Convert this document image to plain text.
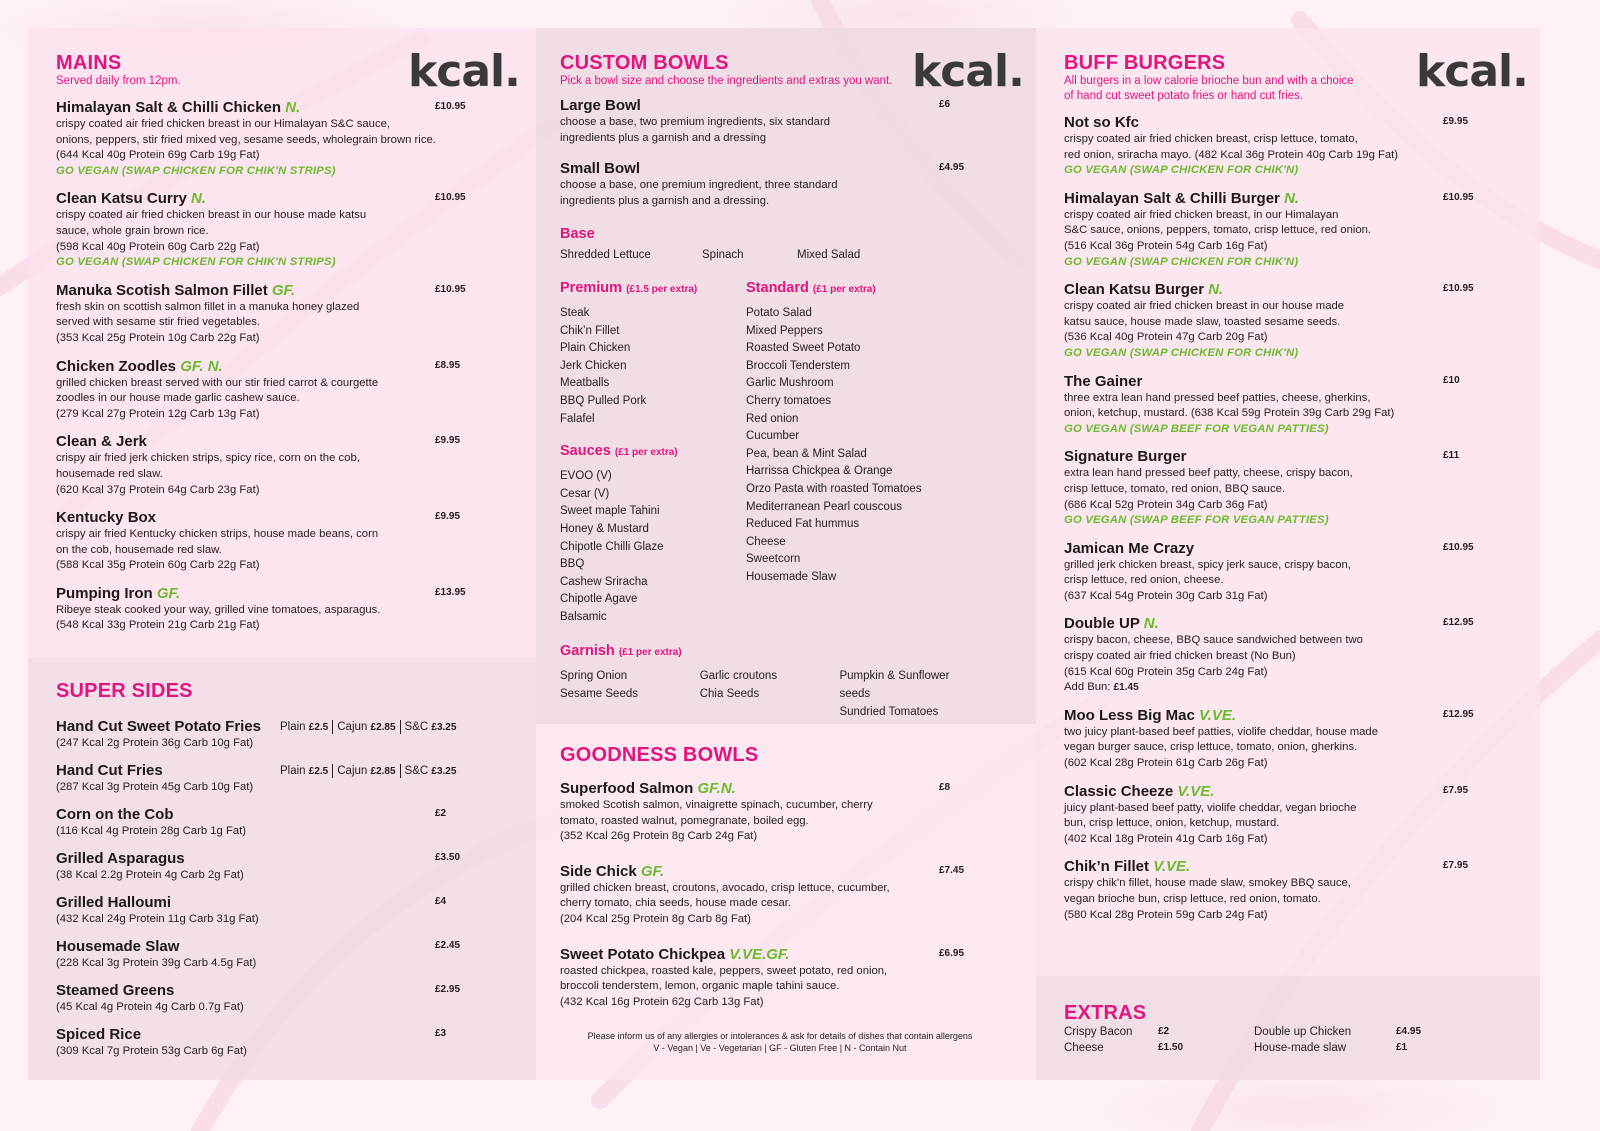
kcal.	kcal.	kcal.
MAINS
Served daily from 12pm.
Himalayan Salt & Chilli Chicken N.	£10.95
crispy coated air fried chicken breast in our Himalayan S&C sauce,
onions, peppers, stir fried mixed veg, sesame seeds, wholegrain brown rice.
(644 Kcal 40g Protein 69g Carb 19g Fat)
GO VEGAN (SWAP CHICKEN FOR CHIK'N STRIPS)
Clean Katsu Curry N.	£10.95
crispy coated air fried chicken breast in our house made katsu
sauce, whole grain brown rice.
(598 Kcal 40g Protein 60g Carb 22g Fat)
GO VEGAN (SWAP CHICKEN FOR CHIK'N STRIPS)
Manuka Scotish Salmon Fillet GF.	£10.95
fresh skin on scottish salmon fillet in a manuka honey glazed
served with sesame stir fried vegetables.
(353 Kcal 25g Protein 10g Carb 22g Fat)
Chicken Zoodles GF. N.	£8.95
grilled chicken breast served with our stir fried carrot & courgette
zoodles in our house made garlic cashew sauce.
(279 Kcal 27g Protein 12g Carb 13g Fat)
Clean & Jerk	£9.95
crispy air fried jerk chicken strips, spicy rice, corn on the cob,
housemade red slaw.
(620 Kcal 37g Protein 64g Carb 23g Fat)
Kentucky Box	£9.95
crispy air fried Kentucky chicken strips, house made beans, corn
on the cob, housemade red slaw.
(588 Kcal 35g Protein 60g Carb 22g Fat)
Pumping Iron GF.	£13.95
Ribeye steak cooked your way, grilled vine tomatoes, asparagus.
(548 Kcal 33g Protein 21g Carb 21g Fat)
SUPER SIDES
Hand Cut Sweet Potato Fries
(247 Kcal 2g Protein 36g Carb 10g Fat)
Plain £2.5 Cajun £2.85 S&C £3.25
Hand Cut Fries
(287 Kcal 3g Protein 45g Carb 10g Fat)
Plain £2.5 Cajun £2.85 S&C £3.25
Corn on the Cob
(116 Kcal 4g Protein 28g Carb 1g Fat)
£2
Grilled Asparagus
(38 Kcal 2.2g Protein 4g Carb 2g Fat)
£3.50
Grilled Halloumi
(432 Kcal 24g Protein 11g Carb 31g Fat)
£4
Housemade Slaw
(228 Kcal 3g Protein 39g Carb 4.5g Fat)
£2.45
Steamed Greens
(45 Kcal 4g Protein 4g Carb 0.7g Fat)
£2.95
Spiced Rice
(309 Kcal 7g Protein 53g Carb 6g Fat)
£3
CUSTOM BOWLS
Pick a bowl size and choose the ingredients and extras you want.
Large Bowl	£6
choose a base, two premium ingredients, six standard
ingredients plus a garnish and a dressing
Small Bowl	£4.95
choose a base, one premium ingredient, three standard
ingredients plus a garnish and a dressing.
Base
Shredded Lettuce	Spinach	Mixed Salad
Premium (£1.5 per extra)
Steak
Chik’n Fillet
Plain Chicken
Jerk Chicken
Meatballs
BBQ Pulled Pork
Falafel
Sauces (£1 per extra)
EVOO (V)
Cesar (V)
Sweet maple Tahini
Honey & Mustard
Chipotle Chilli Glaze
BBQ
Cashew Sriracha
Chipotle Agave
Balsamic
Standard (£1 per extra)
Potato Salad
Mixed Peppers
Roasted Sweet Potato
Broccoli Tenderstem
Garlic Mushroom
Cherry tomatoes
Red onion
Cucumber
Pea, bean & Mint Salad
Harrissa Chickpea & Orange
Orzo Pasta with roasted Tomatoes
Mediterranean Pearl couscous
Reduced Fat hummus
Cheese
Sweetcorn
Housemade Slaw
Garnish (£1 per extra)
Spring Onion
Sesame Seeds
Garlic croutons
Chia Seeds
Pumpkin & Sunflower seeds
Sundried Tomatoes
GOODNESS BOWLS
Superfood Salmon GF.N.	£8
smoked Scotish salmon, vinaigrette spinach, cucumber, cherry
tomato, roasted walnut, pomegranate, boiled egg.
(352 Kcal 26g Protein 8g Carb 24g Fat)
Side Chick GF.	£7.45
grilled chicken breast, croutons, avocado, crisp lettuce, cucumber,
cherry tomato, chia seeds, house made cesar.
(204 Kcal 25g Protein 8g Carb 8g Fat)
Sweet Potato Chickpea V.VE.GF.	£6.95
roasted chickpea, roasted kale, peppers, sweet potato, red onion,
broccoli tenderstem, lemon, organic maple tahini sauce.
(432 Kcal 16g Protein 62g Carb 13g Fat)
Please inform us of any allergies or intolerances & ask for details of dishes that contain allergens
V - Vegan | Ve - Vegetarian | GF - Gluten Free | N - Contain Nut
BUFF BURGERS
All burgers in a low calorie brioche bun and with a choice
of hand cut sweet potato fries or hand cut fries.
Not so Kfc	£9.95
crispy coated air fried chicken breast, crisp lettuce, tomato,
red onion, sriracha mayo. (482 Kcal 36g Protein 40g Carb 19g Fat)
GO VEGAN (SWAP CHICKEN FOR CHIK'N)
Himalayan Salt & Chilli Burger N.	£10.95
crispy coated air fried chicken breast, in our Himalayan
S&C sauce, onions, peppers, tomato, crisp lettuce, red onion.
(516 Kcal 36g Protein 54g Carb 16g Fat)
GO VEGAN (SWAP CHICKEN FOR CHIK'N)
Clean Katsu Burger N.	£10.95
crispy coated air fried chicken breast in our house made
katsu sauce, house made slaw, toasted sesame seeds.
(536 Kcal 40g Protein 47g Carb 20g Fat)
GO VEGAN (SWAP CHICKEN FOR CHIK'N)
The Gainer	£10
three extra lean hand pressed beef patties, cheese, gherkins,
onion, ketchup, mustard. (638 Kcal 59g Protein 39g Carb 29g Fat)
GO VEGAN (SWAP BEEF FOR VEGAN PATTIES)
Signature Burger	£11
extra lean hand pressed beef patty, cheese, crispy bacon,
crisp lettuce, tomato, red onion, BBQ sauce.
(686 Kcal 52g Protein 34g Carb 36g Fat)
GO VEGAN (SWAP BEEF FOR VEGAN PATTIES)
Jamican Me Crazy	£10.95
grilled jerk chicken breast, spicy jerk sauce, crispy bacon,
crisp lettuce, red onion, cheese.
(637 Kcal 54g Protein 30g Carb 31g Fat)
Double UP N.	£12.95
crispy bacon, cheese, BBQ sauce sandwiched between two
crispy coated air fried chicken breast (No Bun)
(615 Kcal 60g Protein 35g Carb 24g Fat)
Add Bun: £1.45
Moo Less Big Mac V.VE.	£12.95
two juicy plant-based beef patties, violife cheddar, house made
vegan burger sauce, crisp lettuce, tomato, onion, gherkins.
(602 Kcal 28g Protein 61g Carb 26g Fat)
Classic Cheeze V.VE.	£7.95
juicy plant-based beef patty, violife cheddar, vegan brioche
bun, crisp lettuce, onion, ketchup, mustard.
(402 Kcal 18g Protein 41g Carb 16g Fat)
Chik’n Fillet V.VE.	£7.95
crispy chik’n fillet, house made slaw, smokey BBQ sauce,
vegan brioche bun, crisp lettuce, red onion, tomato.
(580 Kcal 28g Protein 59g Carb 24g Fat)
EXTRAS
Crispy Bacon	£2	Double up Chicken	£4.95
Cheese	£1.50	House-made slaw	£1
